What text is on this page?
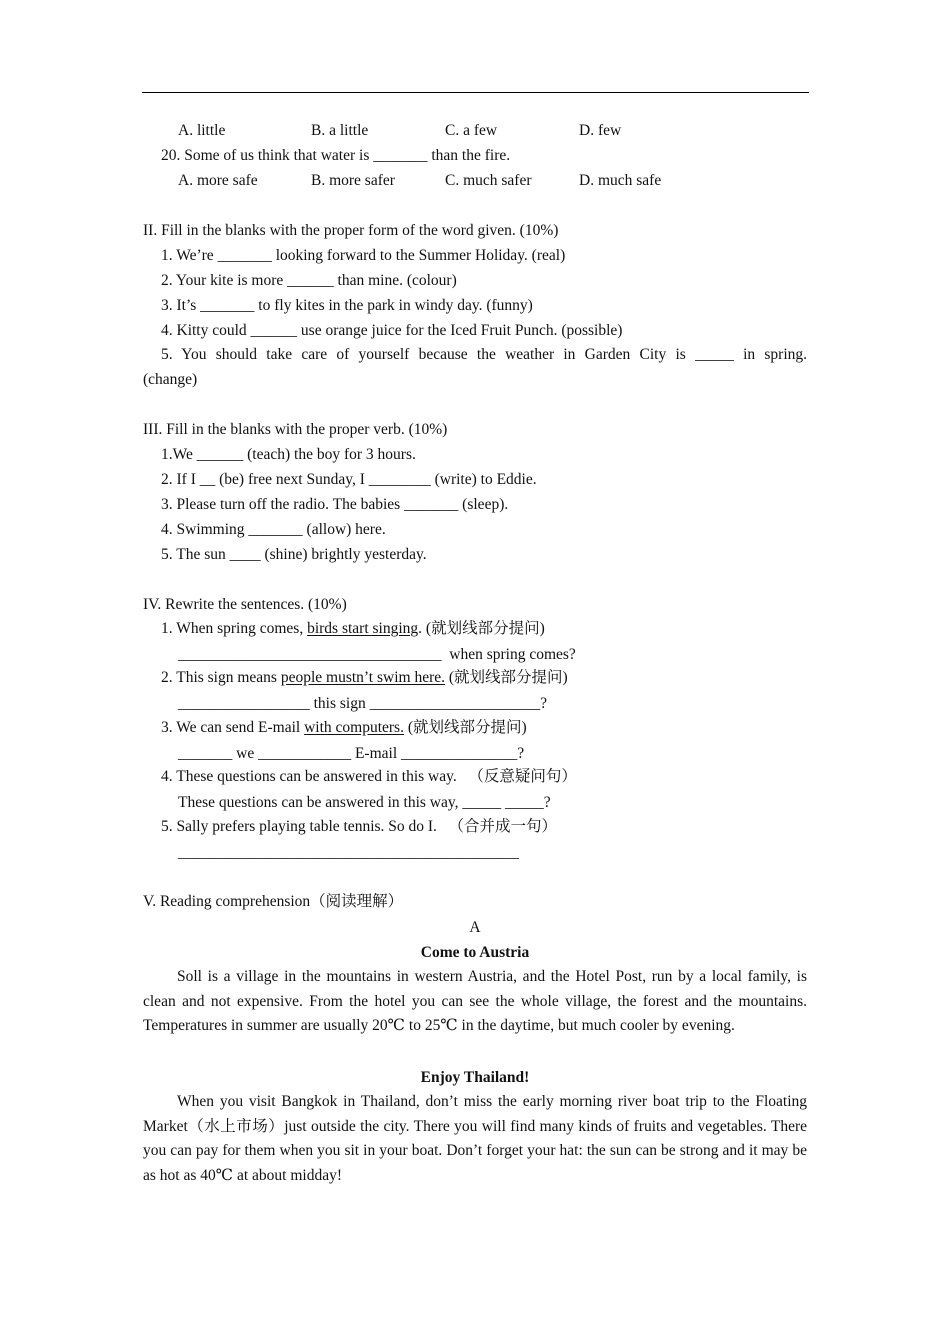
A. little	B. a little	C. a few	D. few
20. Some of us think that water is _______ than the fire.
A. more safe	B. more safer	C. much safer	D. much safe
II. Fill in the blanks with the proper form of the word given. (10%)
1. We’re _______ looking forward to the Summer Holiday. (real)
2. Your kite is more ______ than mine. (colour)
3. It’s _______ to fly kites in the park in windy day. (funny)
4. Kitty could ______ use orange juice for the Iced Fruit Punch. (possible)
5. You should take care of yourself because the weather in Garden City is _____ in spring. (change)
III. Fill in the blanks with the proper verb. (10%)
1.We ______ (teach) the boy for 3 hours.
2. If I __ (be) free next Sunday, I ________ (write) to Eddie.
3. Please turn off the radio. The babies _______ (sleep).
4. Swimming _______ (allow) here.
5. The sun ____ (shine) brightly yesterday.
IV. Rewrite the sentences. (10%)
1. When spring comes, birds start singing. (就划线部分提问)
__________________________________  when spring comes?
2. This sign means people mustn’t swim here. (就划线部分提问)
_________________ this sign ______________________?
3. We can send E-mail with computers. (就划线部分提问)
_______ we ____________ E-mail _______________?
4. These questions can be answered in this way.   （反意疑问句）
These questions can be answered in this way, _____ _____?
5. Sally prefers playing table tennis. So do I.   （合并成一句）
____________________________________________
V. Reading comprehension（阅读理解）
A
Come to Austria
Soll is a village in the mountains in western Austria, and the Hotel Post, run by a local family, is clean and not expensive. From the hotel you can see the whole village, the forest and the mountains. Temperatures in summer are usually 20℃ to 25℃ in the daytime, but much cooler by evening.
Enjoy Thailand!
When you visit Bangkok in Thailand, don’t miss the early morning river boat trip to the Floating Market（水上市场）just outside the city. There you will find many kinds of fruits and vegetables. There you can pay for them when you sit in your boat. Don’t forget your hat: the sun can be strong and it may be as hot as 40℃ at about midday!
